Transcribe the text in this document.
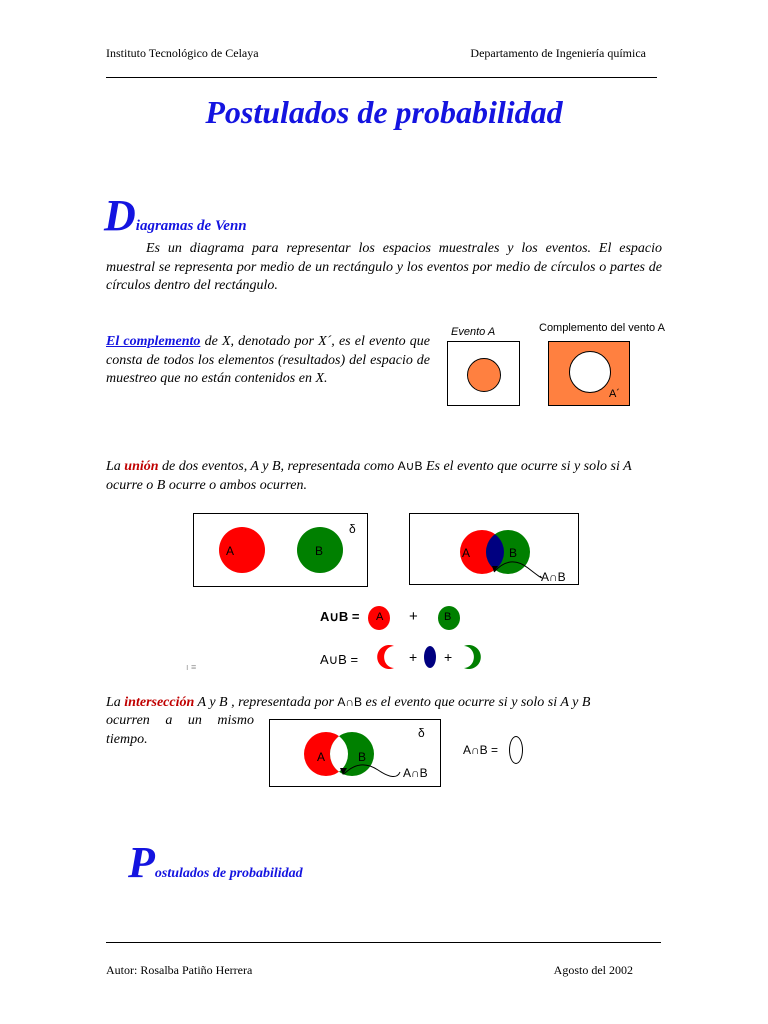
Instituto Tecnológico de Celaya	Departamento de Ingeniería química
Postulados de probabilidad
Diagramas de Venn
Es un diagrama para representar los espacios muestrales y los eventos. El espacio muestral se representa por medio de un rectángulo y los eventos por medio de círculos o partes de círculos dentro del rectángulo.
El complemento de X, denotado por X´, es el evento que consta de todos los elementos (resultados) del espacio de muestreo que no están contenidos en X.
Evento A	Complemento del vento A
A´
La unión de dos eventos, A y B, representada como A∪B Es el evento que ocurre si y solo si A ocurre o B ocurre o ambos ocurren.
A	B
δ
A	B
A∩B
A∪B = A + B
A∪B =	+ +
ı ≡
La intersección A y B , representada por A∩B es el evento que ocurre si y solo si A y B
ocurren a un mismo tiempo.
A	B
δ
A∩B
A∩B =
Postulados de probabilidad
Autor: Rosalba Patiño Herrera	Agosto del 2002
